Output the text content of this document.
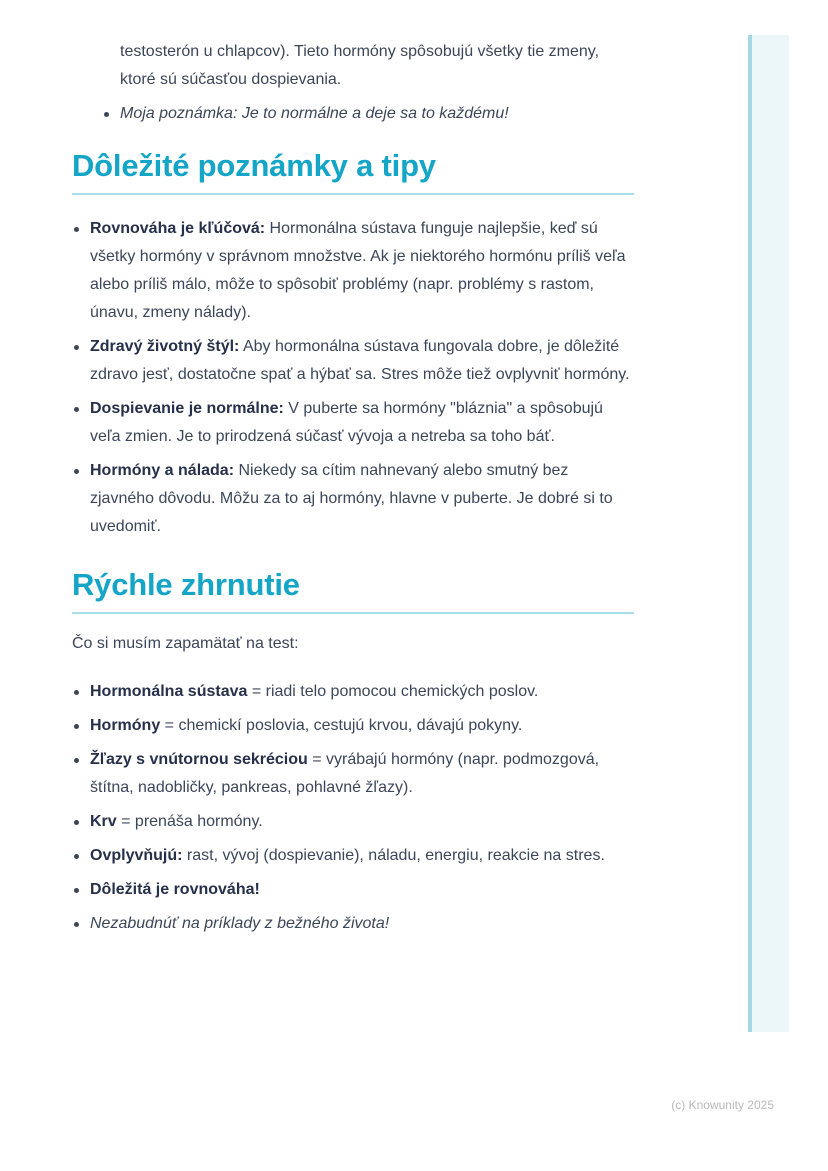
testosterón u chlapcov). Tieto hormóny spôsobujú všetky tie zmeny, ktoré sú súčasťou dospievania.

Moja poznámka: Je to normálne a deje sa to každému!
Dôležité poznámky a tipy
Rovnováha je kľúčová: Hormonálna sústava funguje najlepšie, keď sú všetky hormóny v správnom množstve. Ak je niektorého hormónu príliš veľa alebo príliš málo, môže to spôsobiť problémy (napr. problémy s rastom, únavu, zmeny nálady).
Zdravý životný štýl: Aby hormonálna sústava fungovala dobre, je dôležité zdravo jesť, dostatočne spať a hýbať sa. Stres môže tiež ovplyvniť hormóny.
Dospievanie je normálne: V puberte sa hormóny "bláznia" a spôsobujú veľa zmien. Je to prirodzená súčasť vývoja a netreba sa toho báť.
Hormóny a nálada: Niekedy sa cítim nahnevaný alebo smutný bez zjavného dôvodu. Môžu za to aj hormóny, hlavne v puberte. Je dobré si to uvedomiť.
Rýchle zhrnutie

Čo si musím zapamätať na test:

Hormonálna sústava = riadi telo pomocou chemických poslov.
Hormóny = chemickí poslovia, cestujú krvou, dávajú pokyny.
Žľazy s vnútornou sekréciou = vyrábajú hormóny (napr. podmozgová, štítna, nadobličky, pankreas, pohlavné žľazy).
Krv = prenáša hormóny.
Ovplyvňujú: rast, vývoj (dospievanie), náladu, energiu, reakcie na stres.
Dôležitá je rovnováha!
Nezabudnúť na príklady z bežného života!
(c) Knowunity 2025
